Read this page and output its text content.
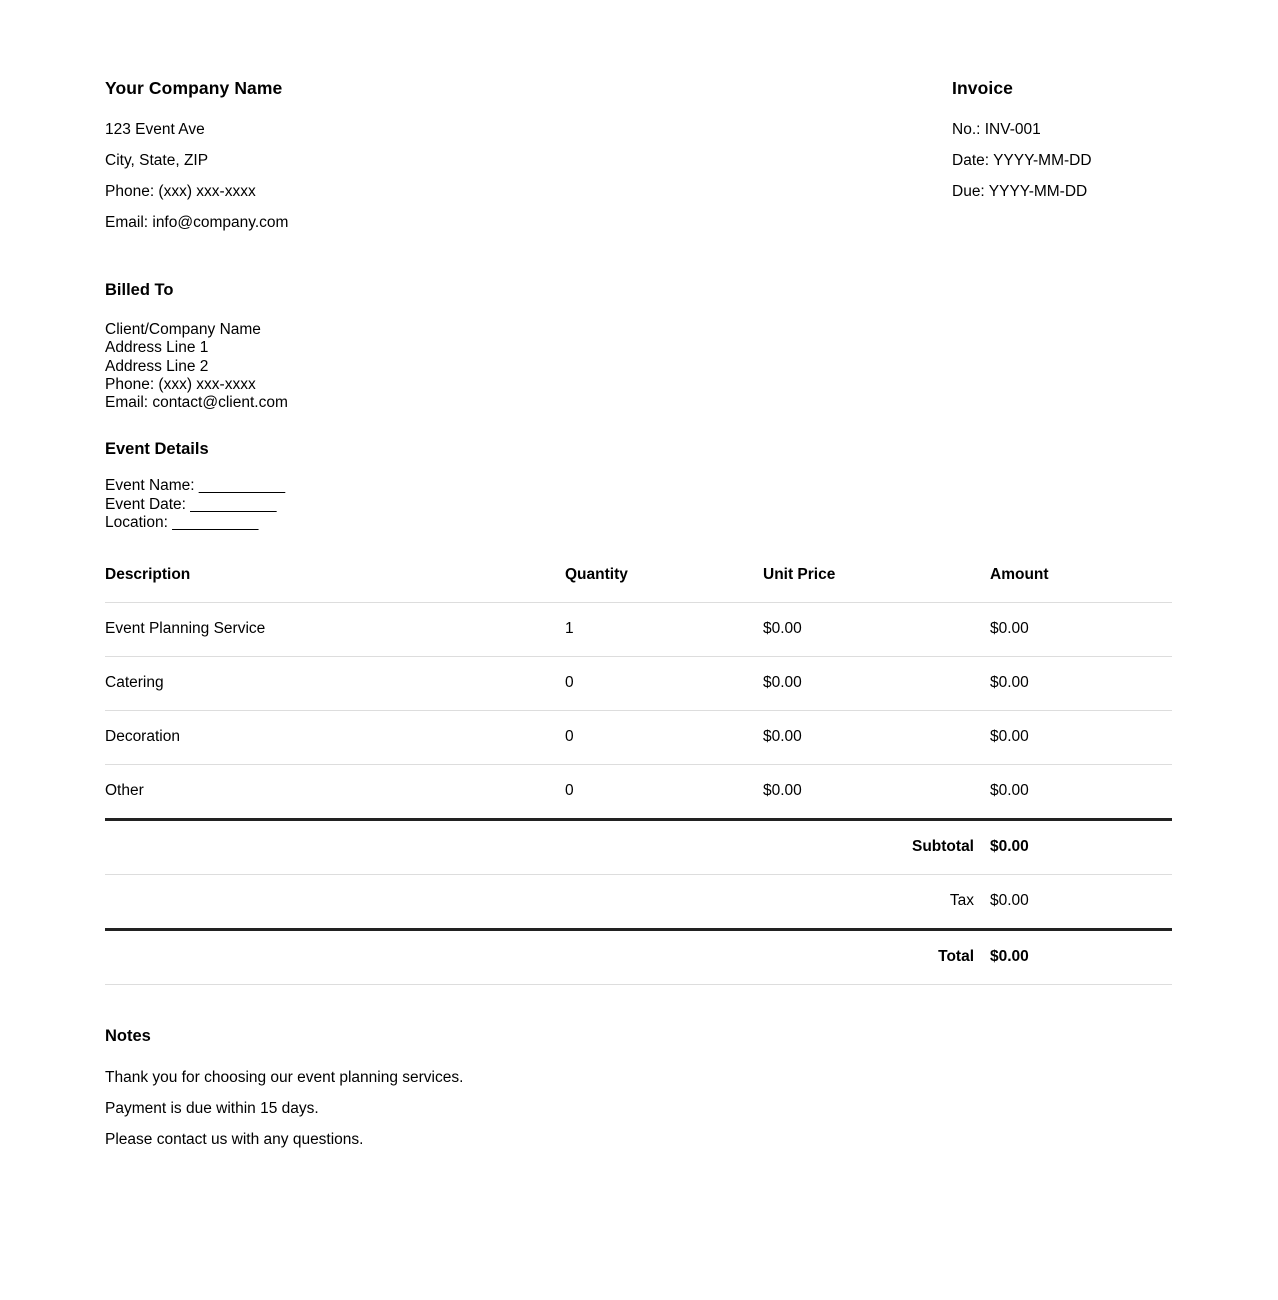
Your Company Name

123 Event Ave

City, State, ZIP

Phone: (xxx) xxx-xxxx

Email: info@company.com

Invoice

No.: INV-001

Date: YYYY-MM-DD

Due: YYYY-MM-DD

Billed To

Client/Company Name

Address Line 1

Address Line 2

Phone: (xxx) xxx-xxxx

Email: contact@client.com

Event Details

Event Name: __________

Event Date: __________

Location: __________

Description	Quantity	Unit Price	Amount
Event Planning Service	1	$0.00	$0.00
Catering	0	$0.00	$0.00
Decoration	0	$0.00	$0.00
Other	0	$0.00	$0.00
		Subtotal	$0.00
		Tax	$0.00
		Total	$0.00
Notes

Thank you for choosing our event planning services.

Payment is due within 15 days.

Please contact us with any questions.
